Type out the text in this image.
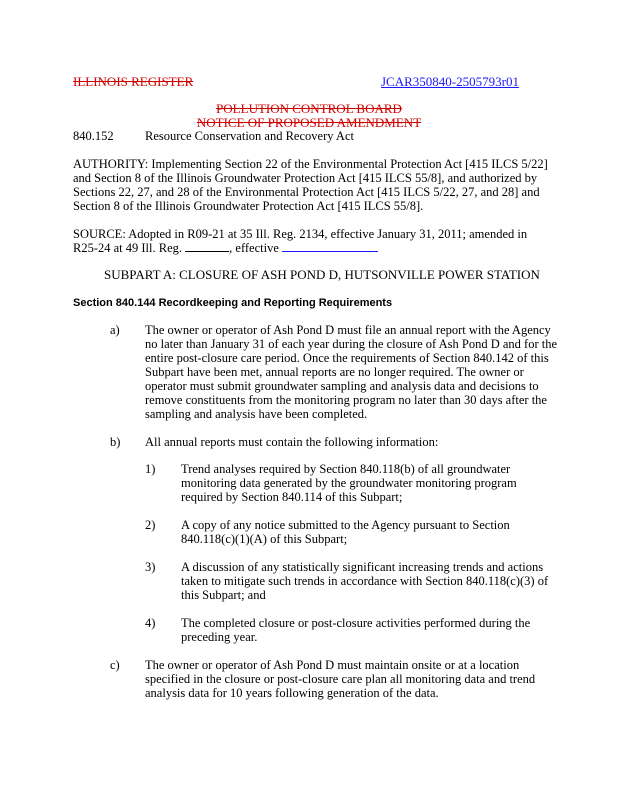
ILLINOIS REGISTER	JCAR350840-2505793r01
POLLUTION CONTROL BOARD
NOTICE OF PROPOSED AMENDMENT
840.152	Resource Conservation and Recovery Act
AUTHORITY: Implementing Section 22 of the Environmental Protection Act [415 ILCS 5/22]
and Section 8 of the Illinois Groundwater Protection Act [415 ILCS 55/8], and authorized by
Sections 22, 27, and 28 of the Environmental Protection Act [415 ILCS 5/22, 27, and 28] and
Section 8 of the Illinois Groundwater Protection Act [415 ILCS 55/8].
SOURCE: Adopted in R09-21 at 35 Ill. Reg. 2134, effective January 31, 2011; amended in
R25-24 at 49 Ill. Reg.	, effective
SUBPART A: CLOSURE OF ASH POND D, HUTSONVILLE POWER STATION
Section 840.144 Recordkeeping and Reporting Requirements
a) The owner or operator of Ash Pond D must file an annual report with the Agency
no later than January 31 of each year during the closure of Ash Pond D and for the
entire post-closure care period. Once the requirements of Section 840.142 of this
Subpart have been met, annual reports are no longer required. The owner or
operator must submit groundwater sampling and analysis data and decisions to
remove constituents from the monitoring program no later than 30 days after the
sampling and analysis have been completed.
b) All annual reports must contain the following information:
1) Trend analyses required by Section 840.118(b) of all groundwater
monitoring data generated by the groundwater monitoring program
required by Section 840.114 of this Subpart;
2) A copy of any notice submitted to the Agency pursuant to Section
840.118(c)(1)(A) of this Subpart;
3) A discussion of any statistically significant increasing trends and actions
taken to mitigate such trends in accordance with Section 840.118(c)(3) of
this Subpart; and
4) The completed closure or post-closure activities performed during the
preceding year.
c) The owner or operator of Ash Pond D must maintain onsite or at a location
specified in the closure or post-closure care plan all monitoring data and trend
analysis data for 10 years following generation of the data.
